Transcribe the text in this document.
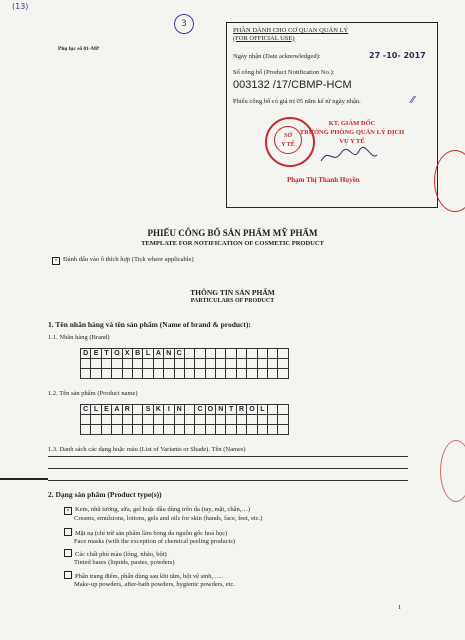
(13)
3
Phụ lục số 01-MP
PHẦN DÀNH CHO CƠ QUAN QUẢN LÝ
(FOR OFFICIAL USE)
Ngày nhận (Date acknowledged):	27 -10- 2017
Số công bố (Product Notification No.):
003132 /17/CBMP-HCM
Phiếu công bố có giá trị 05 năm kể từ ngày nhận.	⁄⁄
KT. GIÁM ĐỐC
TRƯỞNG PHÒNG QUẢN LÝ DỊCH VỤ Y TẾ
SỞ
Y TẾ
Phạm Thị Thanh Huyền
PHIẾU CÔNG BỐ SẢN PHẨM MỸ PHẨM
TEMPLATE FOR NOTIFICATION OF COSMETIC PRODUCT
× Đánh dấu vào ô thích hợp (Tick where applicable)
THÔNG TIN SẢN PHẨM
PARTICULARS OF PRODUCT
1. Tên nhãn hàng và tên sản phẩm (Name of brand & product):
1.1. Nhãn hàng (Brand)
D	E	T	O	X	B	L	A	N	C										

1.2. Tên sản phẩm (Product name)
C	L	E	A	R		S	K	I	N		C	O	N	T	R	O	L		

1.3. Danh sách các dạng hoặc màu (List of Variants or Shade). Tên (Names)
2. Dạng sản phẩm (Product type(s))
× Kem, nhũ tương, sữa, gel hoặc dầu dùng trên da (tay, mặt, chân,…)
Creams, emulsions, lotions, gels and oils for skin (hands, face, feet, etc.)
Mặt nạ (chỉ trừ sản phẩm làm bong da nguồn gốc hoá học)
Face masks (with the exception of chemical peeling products)
Các chất phủ màu (lỏng, nhão, bột)
Tinted bases (liquids, pastes, powders)
Phấn trang điểm, phấn dùng sau khi tắm, bột vệ sinh, ….
Make-up powders, after-bath powders, hygienic powders, etc.
1
